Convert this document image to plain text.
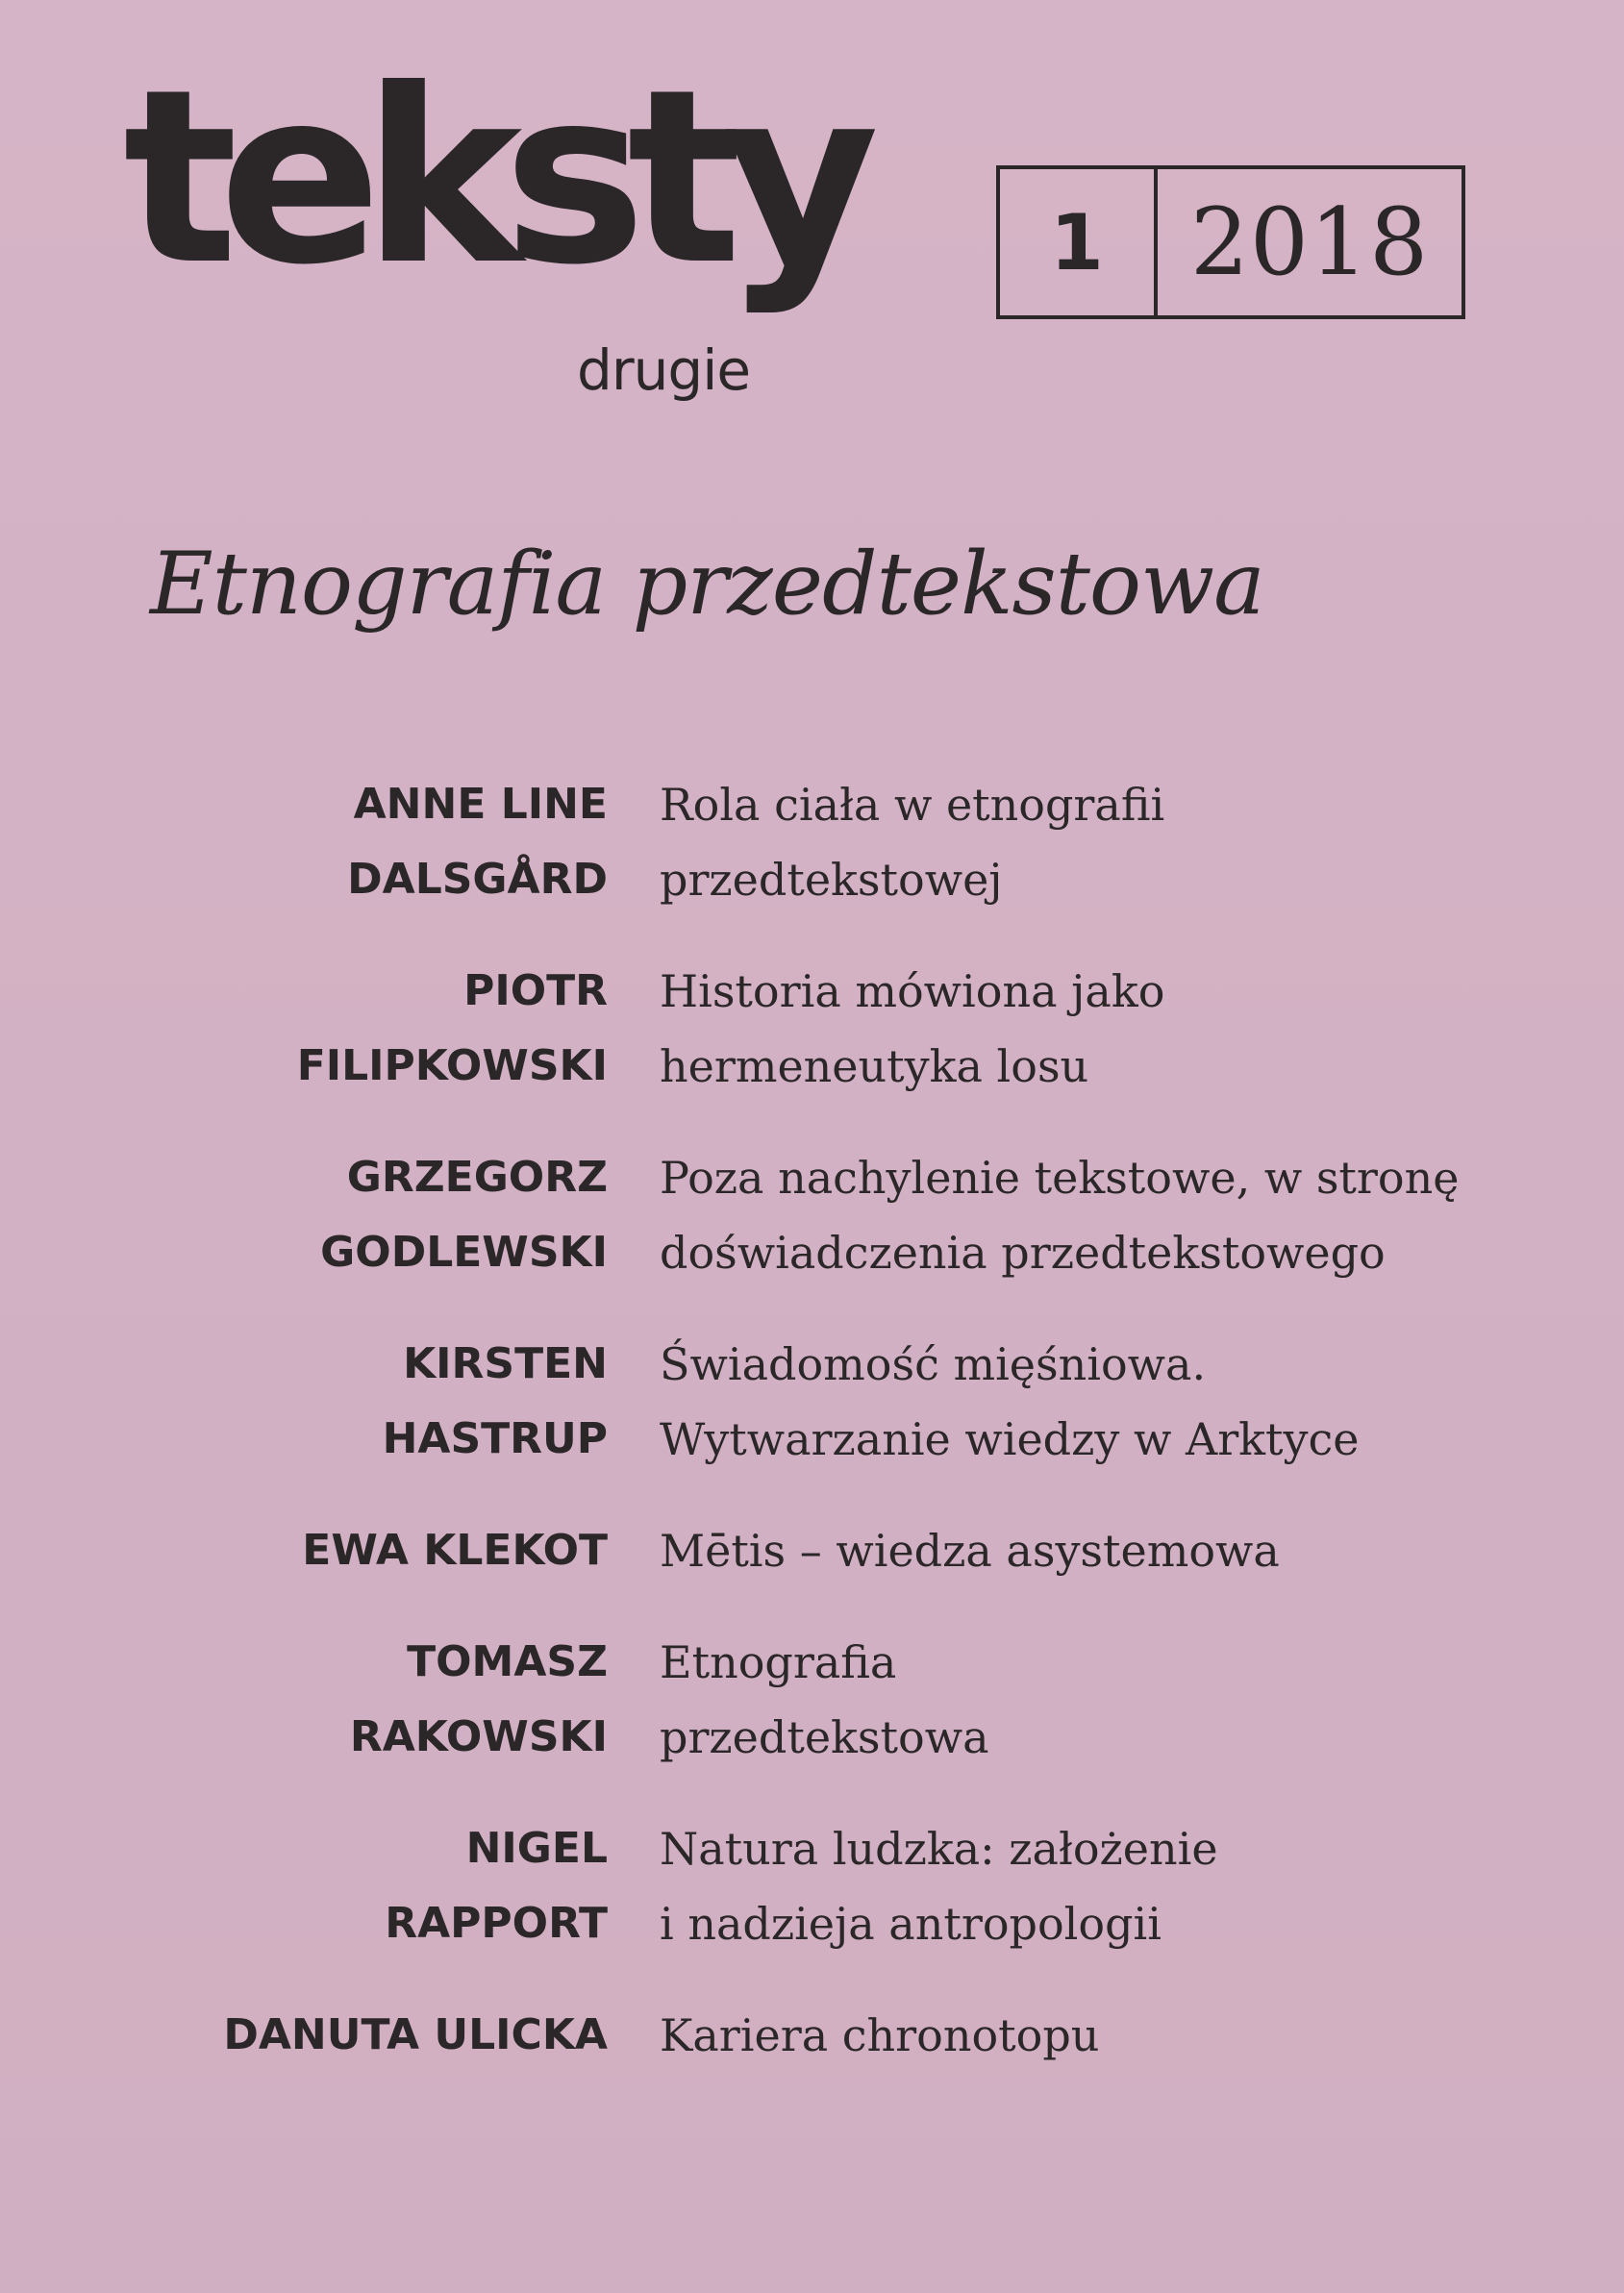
teksty
drugie
1 2018
Etnografia przedtekstowa
ANNE LINE
DALSGÅRD
Rola ciała w etnografii
przedtekstowej
PIOTR
FILIPKOWSKI
Historia mówiona jako
hermeneutyka losu
GRZEGORZ
GODLEWSKI
Poza nachylenie tekstowe, w stronę
doświadczenia przedtekstowego
KIRSTEN
HASTRUP
Świadomość mięśniowa.
Wytwarzanie wiedzy w Arktyce
EWA KLEKOT Mētis – wiedza asystemowa
TOMASZ
RAKOWSKI
Etnografia
przedtekstowa
NIGEL
RAPPORT
Natura ludzka: założenie
i nadzieja antropologii
DANUTA ULICKA Kariera chronotopu
